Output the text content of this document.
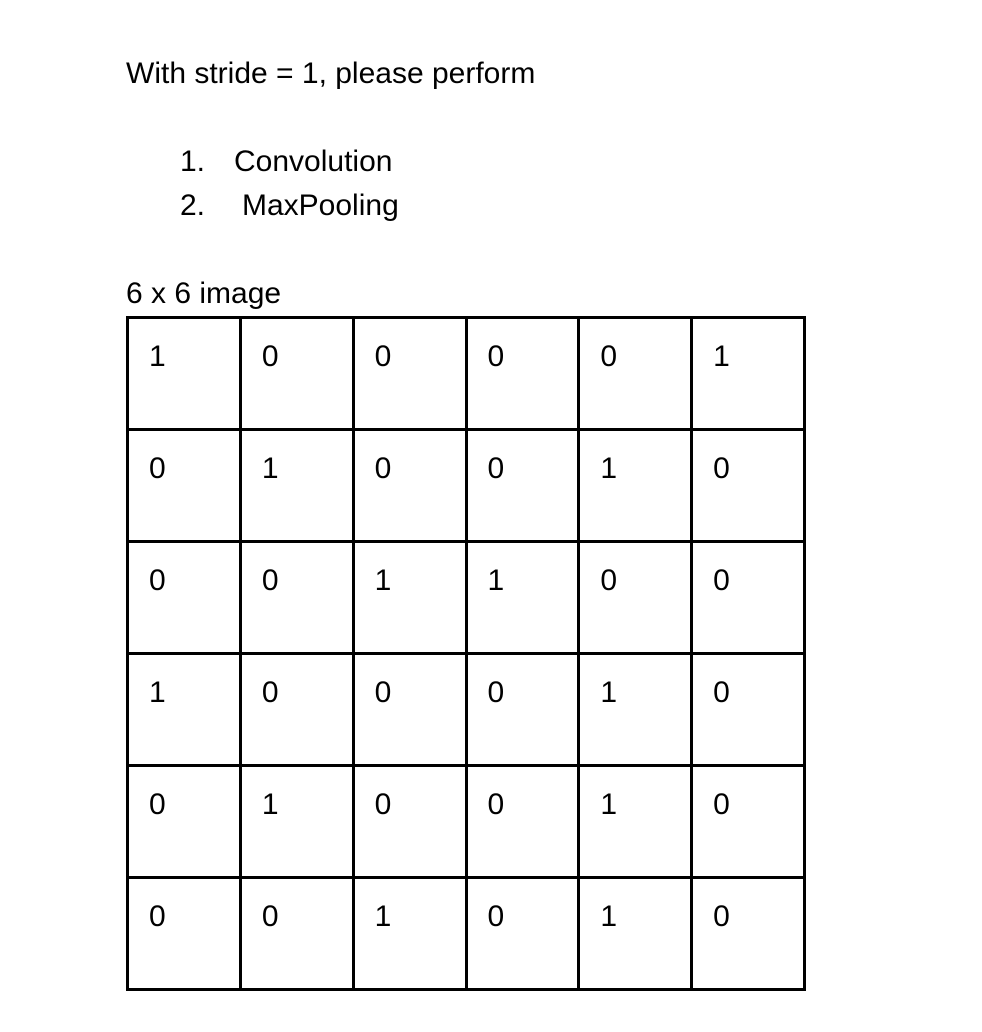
With stride = 1, please perform
1. Convolution
2. MaxPooling
6 x 6 image
1	0	0	0	0	1
0	1	0	0	1	0
0	0	1	1	0	0
1	0	0	0	1	0
0	1	0	0	1	0
0	0	1	0	1	0
